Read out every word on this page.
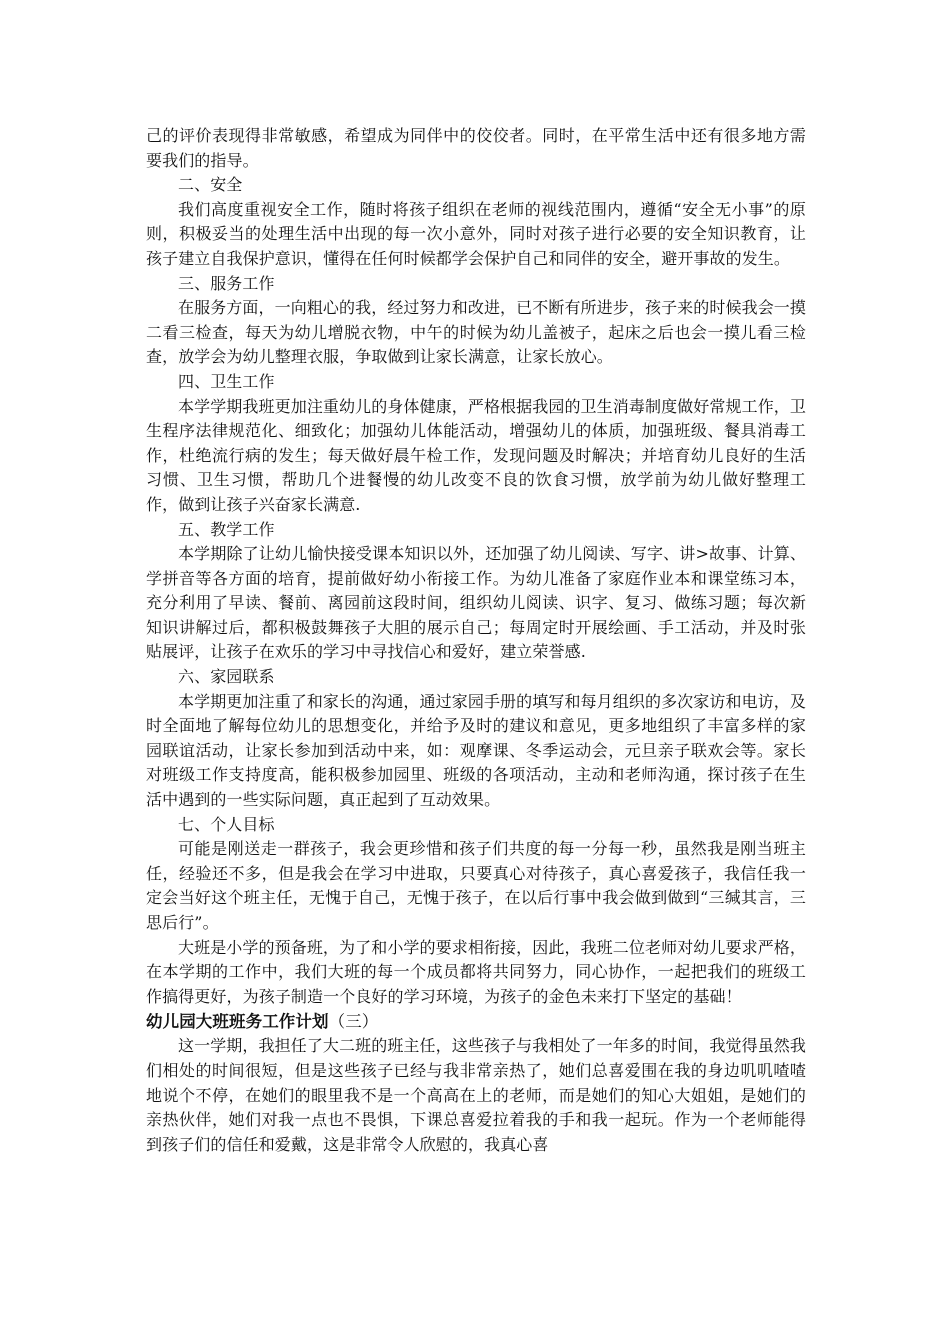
己的评价表现得非常敏感，希望成为同伴中的佼佼者。同时，在平常生活中还有很多地方需要我们的指导。

二、安全

我们高度重视安全工作，随时将孩子组织在老师的视线范围内，遵循“安全无小事”的原则，积极妥当的处理生活中出现的每一次小意外，同时对孩子进行必要的安全知识教育，让孩子建立自我保护意识，懂得在任何时候都学会保护自己和同伴的安全，避开事故的发生。

三、服务工作

在服务方面，一向粗心的我，经过努力和改进，已不断有所进步，孩子来的时候我会一摸二看三检查，每天为幼儿增脱衣物，中午的时候为幼儿盖被子，起床之后也会一摸儿看三检查，放学会为幼儿整理衣服，争取做到让家长满意，让家长放心。

四、卫生工作

本学学期我班更加注重幼儿的身体健康，严格根据我园的卫生消毒制度做好常规工作，卫生程序法律规范化、细致化；加强幼儿体能活动，增强幼儿的体质，加强班级、餐具消毒工作，杜绝流行病的发生；每天做好晨午检工作，发现问题及时解决；并培育幼儿良好的生活习惯、卫生习惯，帮助几个进餐慢的幼儿改变不良的饮食习惯，放学前为幼儿做好整理工作，做到让孩子兴奋家长满意.

五、教学工作

本学期除了让幼儿愉快接受课本知识以外，还加强了幼儿阅读、写字、讲>故事、计算、学拼音等各方面的培育，提前做好幼小衔接工作。为幼儿准备了家庭作业本和课堂练习本，充分利用了早读、餐前、离园前这段时间，组织幼儿阅读、识字、复习、做练习题；每次新知识讲解过后，都积极鼓舞孩子大胆的展示自己；每周定时开展绘画、手工活动，并及时张贴展评，让孩子在欢乐的学习中寻找信心和爱好，建立荣誉感.

六、家园联系

本学期更加注重了和家长的沟通，通过家园手册的填写和每月组织的多次家访和电访，及时全面地了解每位幼儿的思想变化，并给予及时的建议和意见，更多地组织了丰富多样的家园联谊活动，让家长参加到活动中来，如：观摩课、冬季运动会，元旦亲子联欢会等。家长对班级工作支持度高，能积极参加园里、班级的各项活动，主动和老师沟通，探讨孩子在生活中遇到的一些实际问题，真正起到了互动效果。

七、个人目标

可能是刚送走一群孩子，我会更珍惜和孩子们共度的每一分每一秒，虽然我是刚当班主任，经验还不多，但是我会在学习中进取，只要真心对待孩子，真心喜爱孩子，我信任我一定会当好这个班主任，无愧于自己，无愧于孩子，在以后行事中我会做到做到“三缄其言，三思后行”。

大班是小学的预备班，为了和小学的要求相衔接，因此，我班二位老师对幼儿要求严格，在本学期的工作中，我们大班的每一个成员都将共同努力，同心协作，一起把我们的班级工作搞得更好，为孩子制造一个良好的学习环境，为孩子的金色未来打下坚定的基础！

幼儿园大班班务工作计划（三）

这一学期，我担任了大二班的班主任，这些孩子与我相处了一年多的时间，我觉得虽然我们相处的时间很短，但是这些孩子已经与我非常亲热了，她们总喜爱围在我的身边叽叽喳喳地说个不停，在她们的眼里我不是一个高高在上的老师，而是她们的知心大姐姐，是她们的亲热伙伴，她们对我一点也不畏惧，下课总喜爱拉着我的手和我一起玩。作为一个老师能得到孩子们的信任和爱戴，这是非常令人欣慰的，我真心喜
